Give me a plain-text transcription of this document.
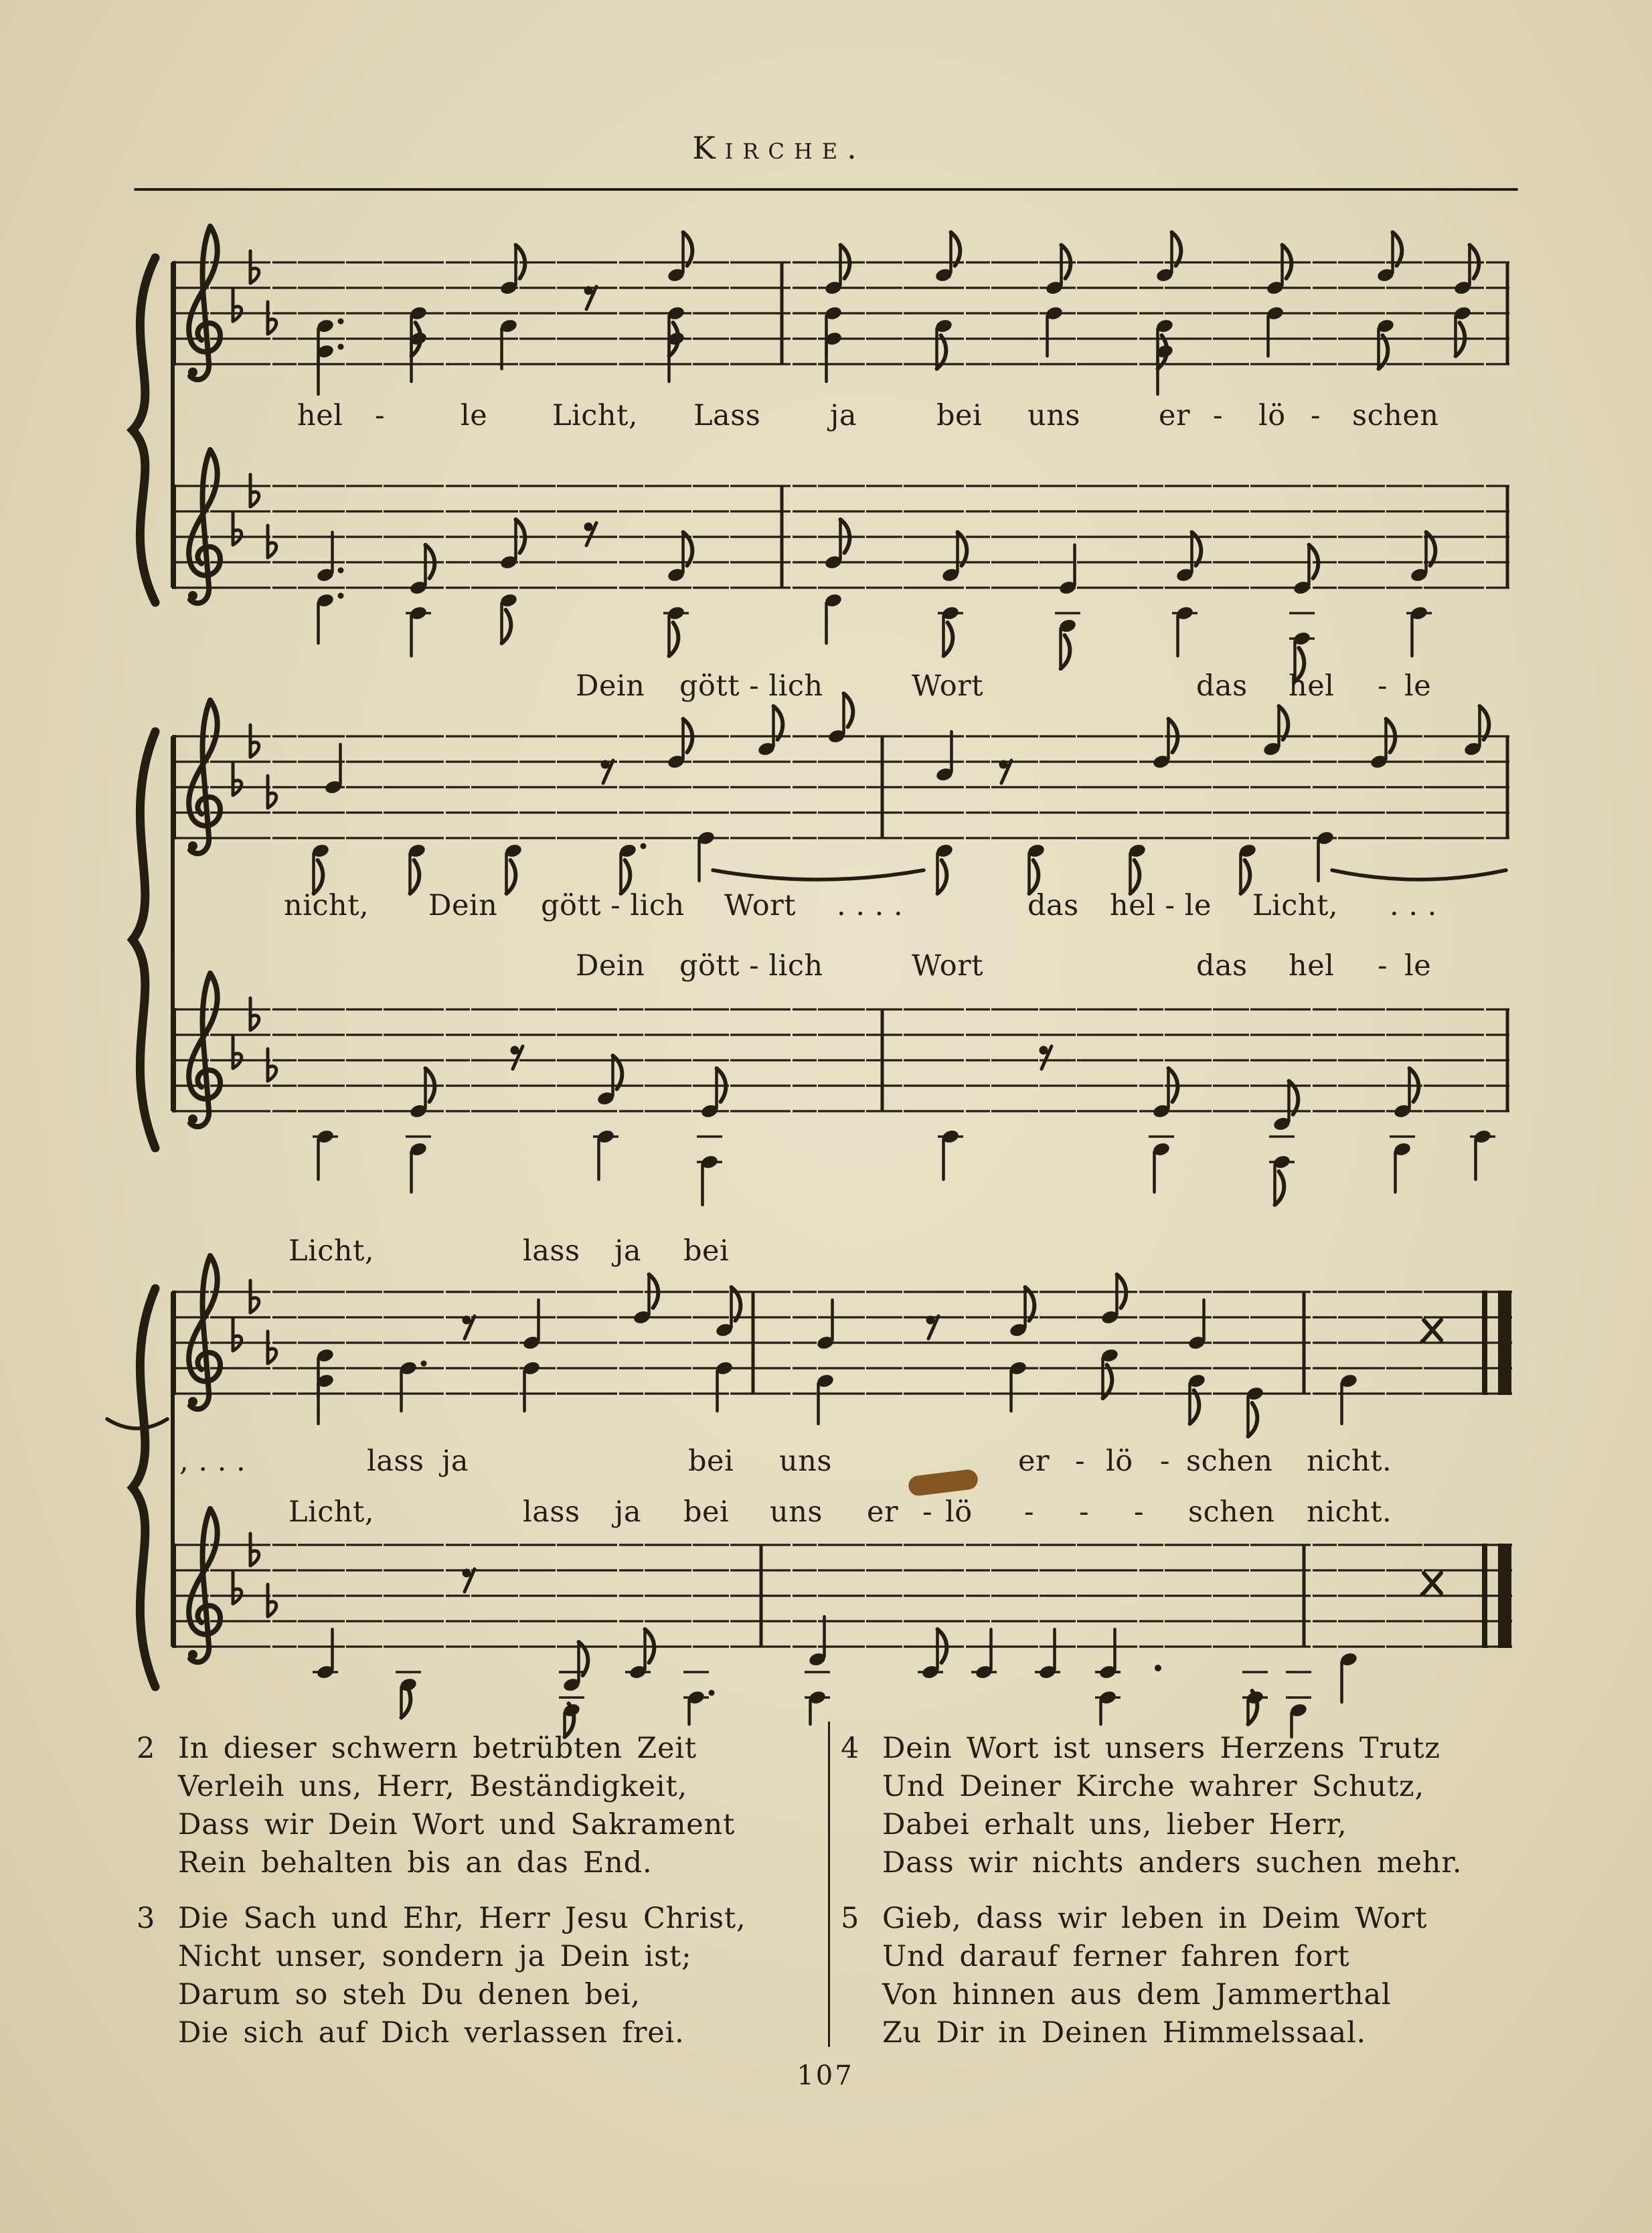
Kirche.
hel -	le Licht, Lass ja	bei uns	er - lö - schen
Dein gött - lich	Wort	das hel - le
nicht, Dein gött - lich Wort . . . .	das hel - le Licht, . . .
Dein gött - lich	Wort	das hel - le
Licht,	lass ja bei
, . . .	lass ja	bei uns	er - lö - schen nicht.
Licht,	lass ja bei uns er - lö - - - schen nicht.
2 In dieser schwern betrübten Zeit
Verleih uns, Herr, Beständigkeit,
Dass wir Dein Wort und Sakrament
Rein behalten bis an das End.
3 Die Sach und Ehr, Herr Jesu Christ,
Nicht unser, sondern ja Dein ist;
Darum so steh Du denen bei,
Die sich auf Dich verlassen frei.
4 Dein Wort ist unsers Herzens Trutz
Und Deiner Kirche wahrer Schutz,
Dabei erhalt uns, lieber Herr,
Dass wir nichts anders suchen mehr.
5 Gieb, dass wir leben in Deim Wort
Und darauf ferner fahren fort
Von hinnen aus dem Jammerthal
Zu Dir in Deinen Himmelssaal.
107
